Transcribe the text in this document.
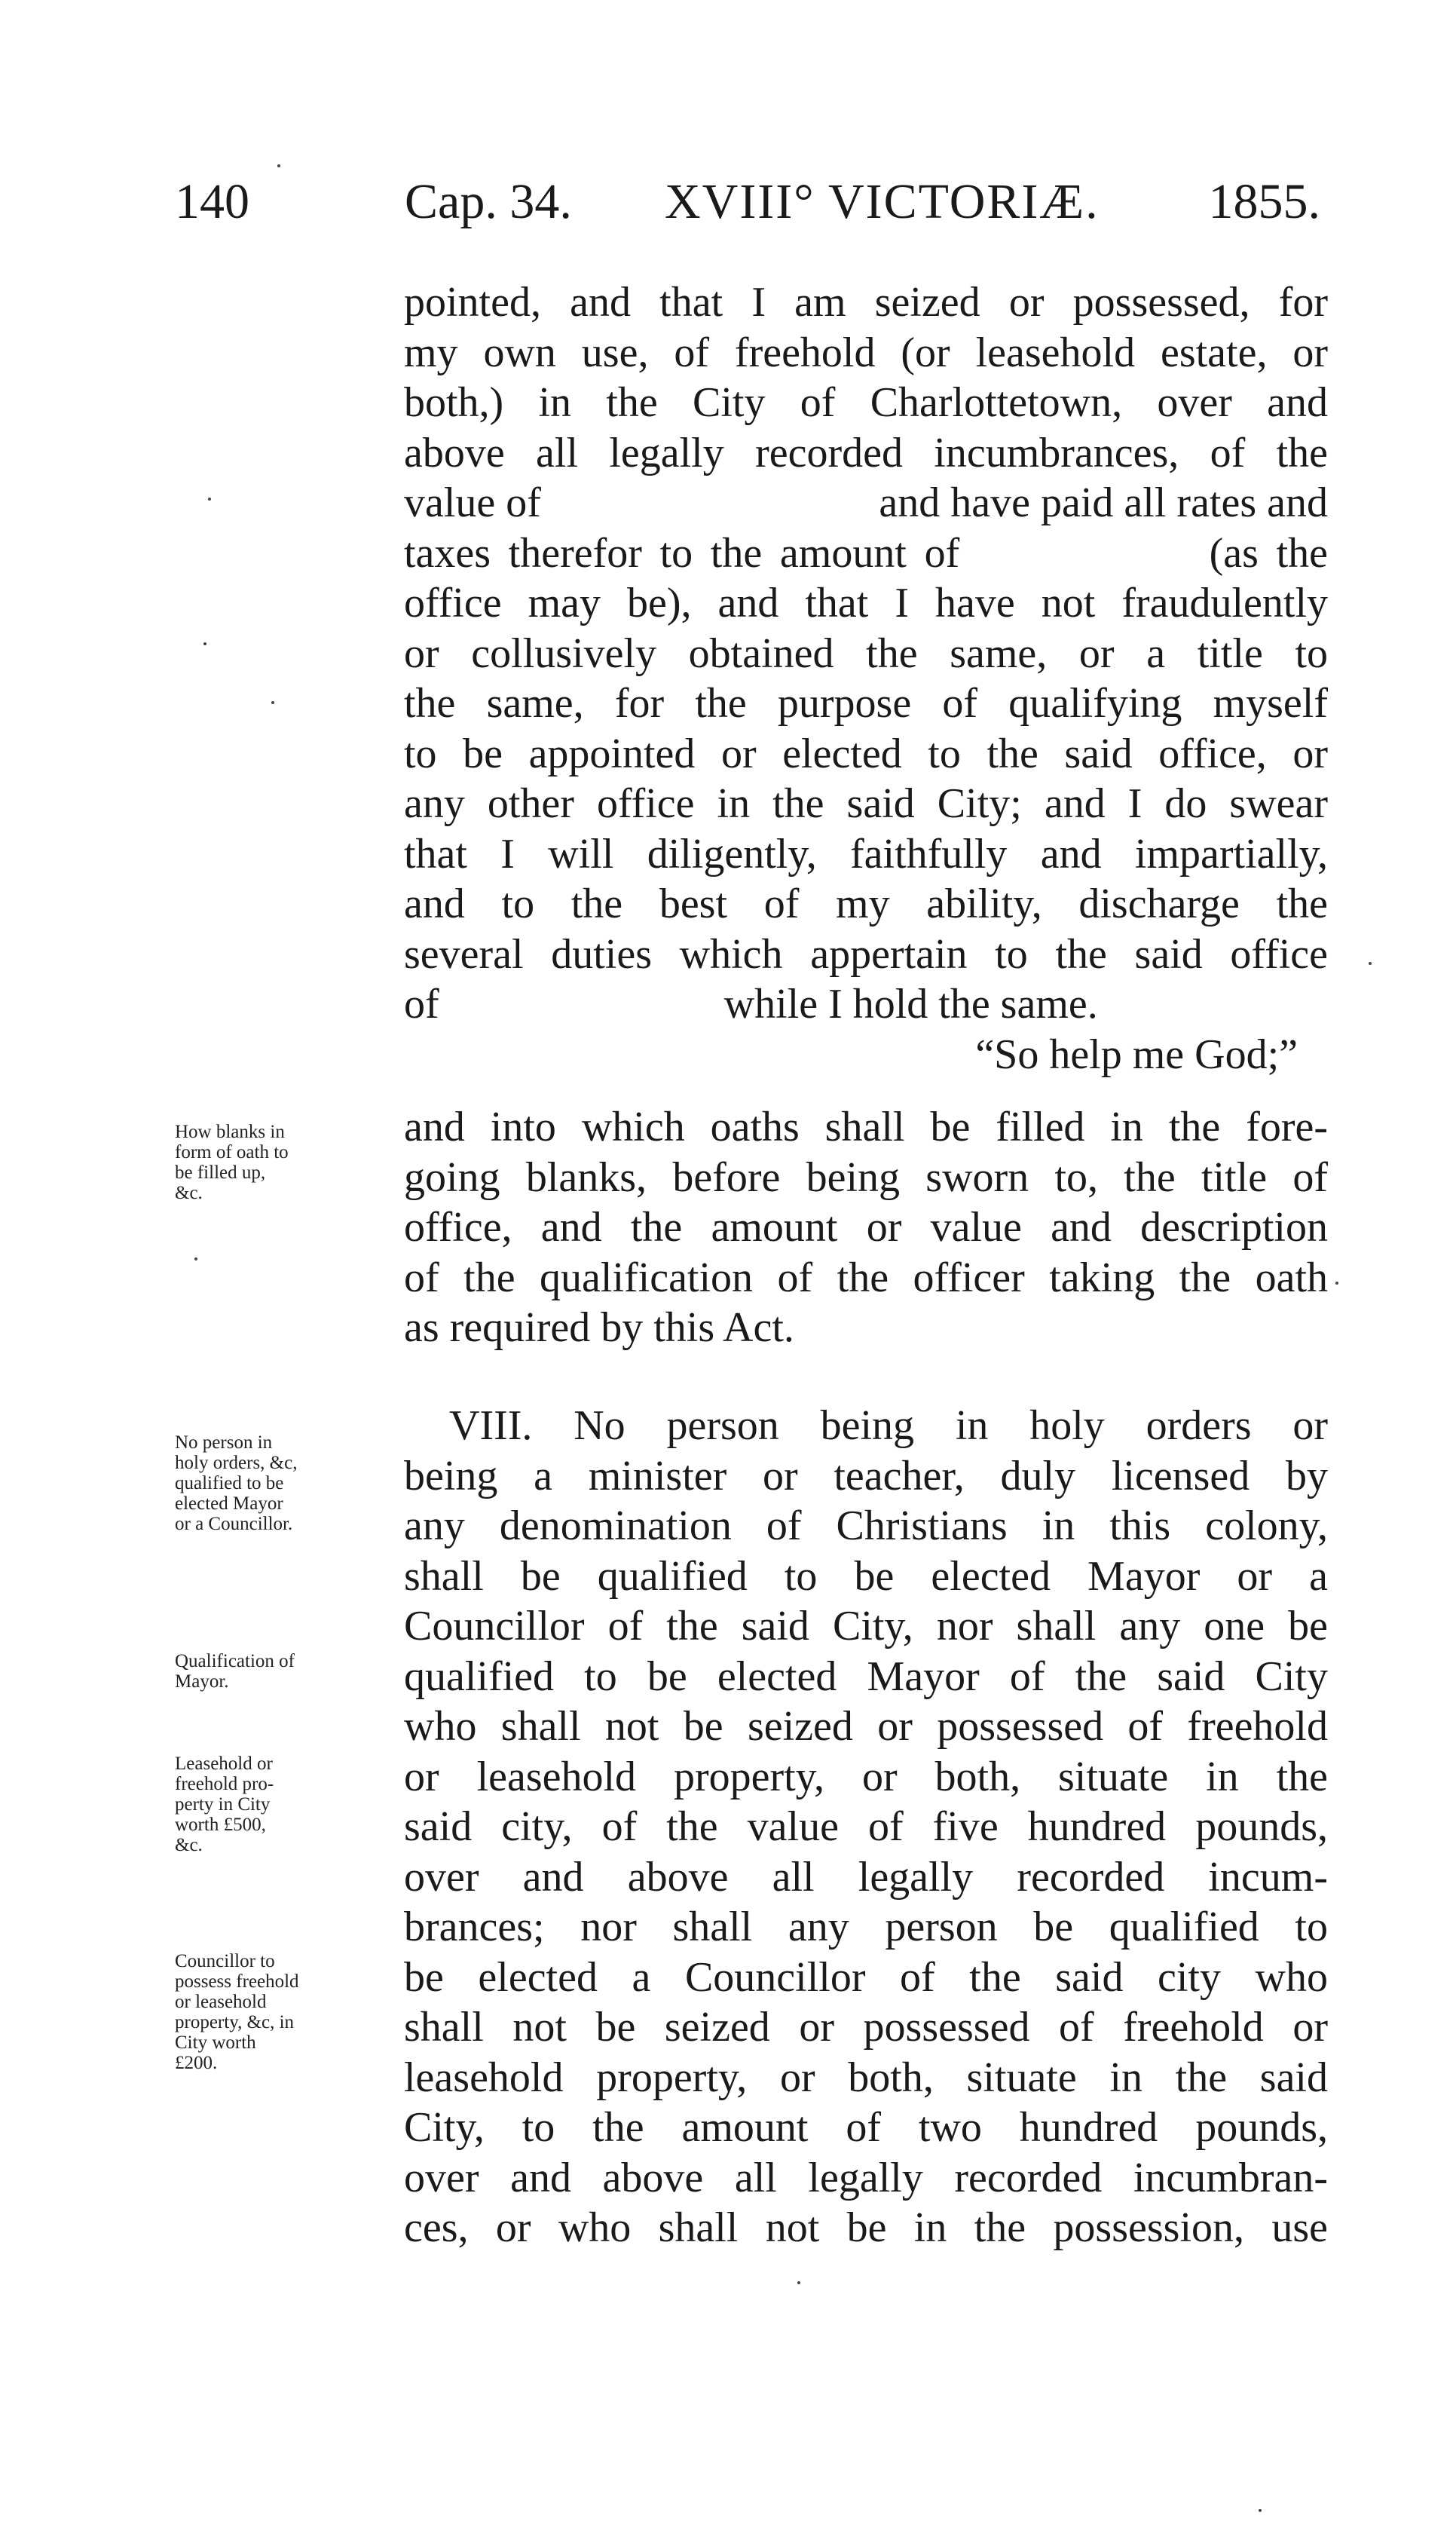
140	Cap. 34. XVIII° VICTORIÆ. 1855.
pointed, and that I am seized or possessed, for
my own use, of freehold (or leasehold estate, or
both,) in the City of Charlottetown, over and
above all legally recorded incumbrances, of the
value of                                and have paid all rates and
taxes therefor to the amount of              (as the
office may be), and that I have not fraudulently
or collusively obtained the same, or a title to
the same, for the purpose of qualifying myself
to be appointed or elected to the said office, or
any other office in the said City; and I do swear
that I will diligently, faithfully and impartially,
and to the best of my ability, discharge the
several duties which appertain to the said office
of                           while I hold the same.
“So help me God;”
and into which oaths shall be filled in the fore-
going blanks, before being sworn to, the title of
office, and the amount or value and description
of the qualification of the officer taking the oath
as required by this Act.
VIII. No person being in holy orders or
being a minister or teacher, duly licensed by
any denomination of Christians in this colony,
shall be qualified to be elected Mayor or a
Councillor of the said City, nor shall any one be
qualified to be elected Mayor of the said City
who shall not be seized or possessed of freehold
or leasehold property, or both, situate in the
said city, of the value of five hundred pounds,
over and above all legally recorded incum-
brances; nor shall any person be qualified to
be elected a Councillor of the said city who
shall not be seized or possessed of freehold or
leasehold property, or both, situate in the said
City, to the amount of two hundred pounds,
over and above all legally recorded incumbran-
ces, or who shall not be in the possession, use
How blanks in
form of oath to
be filled up,
&c.
No person in
holy orders, &c,
qualified to be
elected Mayor
or a Councillor.
Qualification of
Mayor.
Leasehold or
freehold pro-
perty in City
worth £500,
&c.
Councillor to
possess freehold
or leasehold
property, &c, in
City worth
£200.
